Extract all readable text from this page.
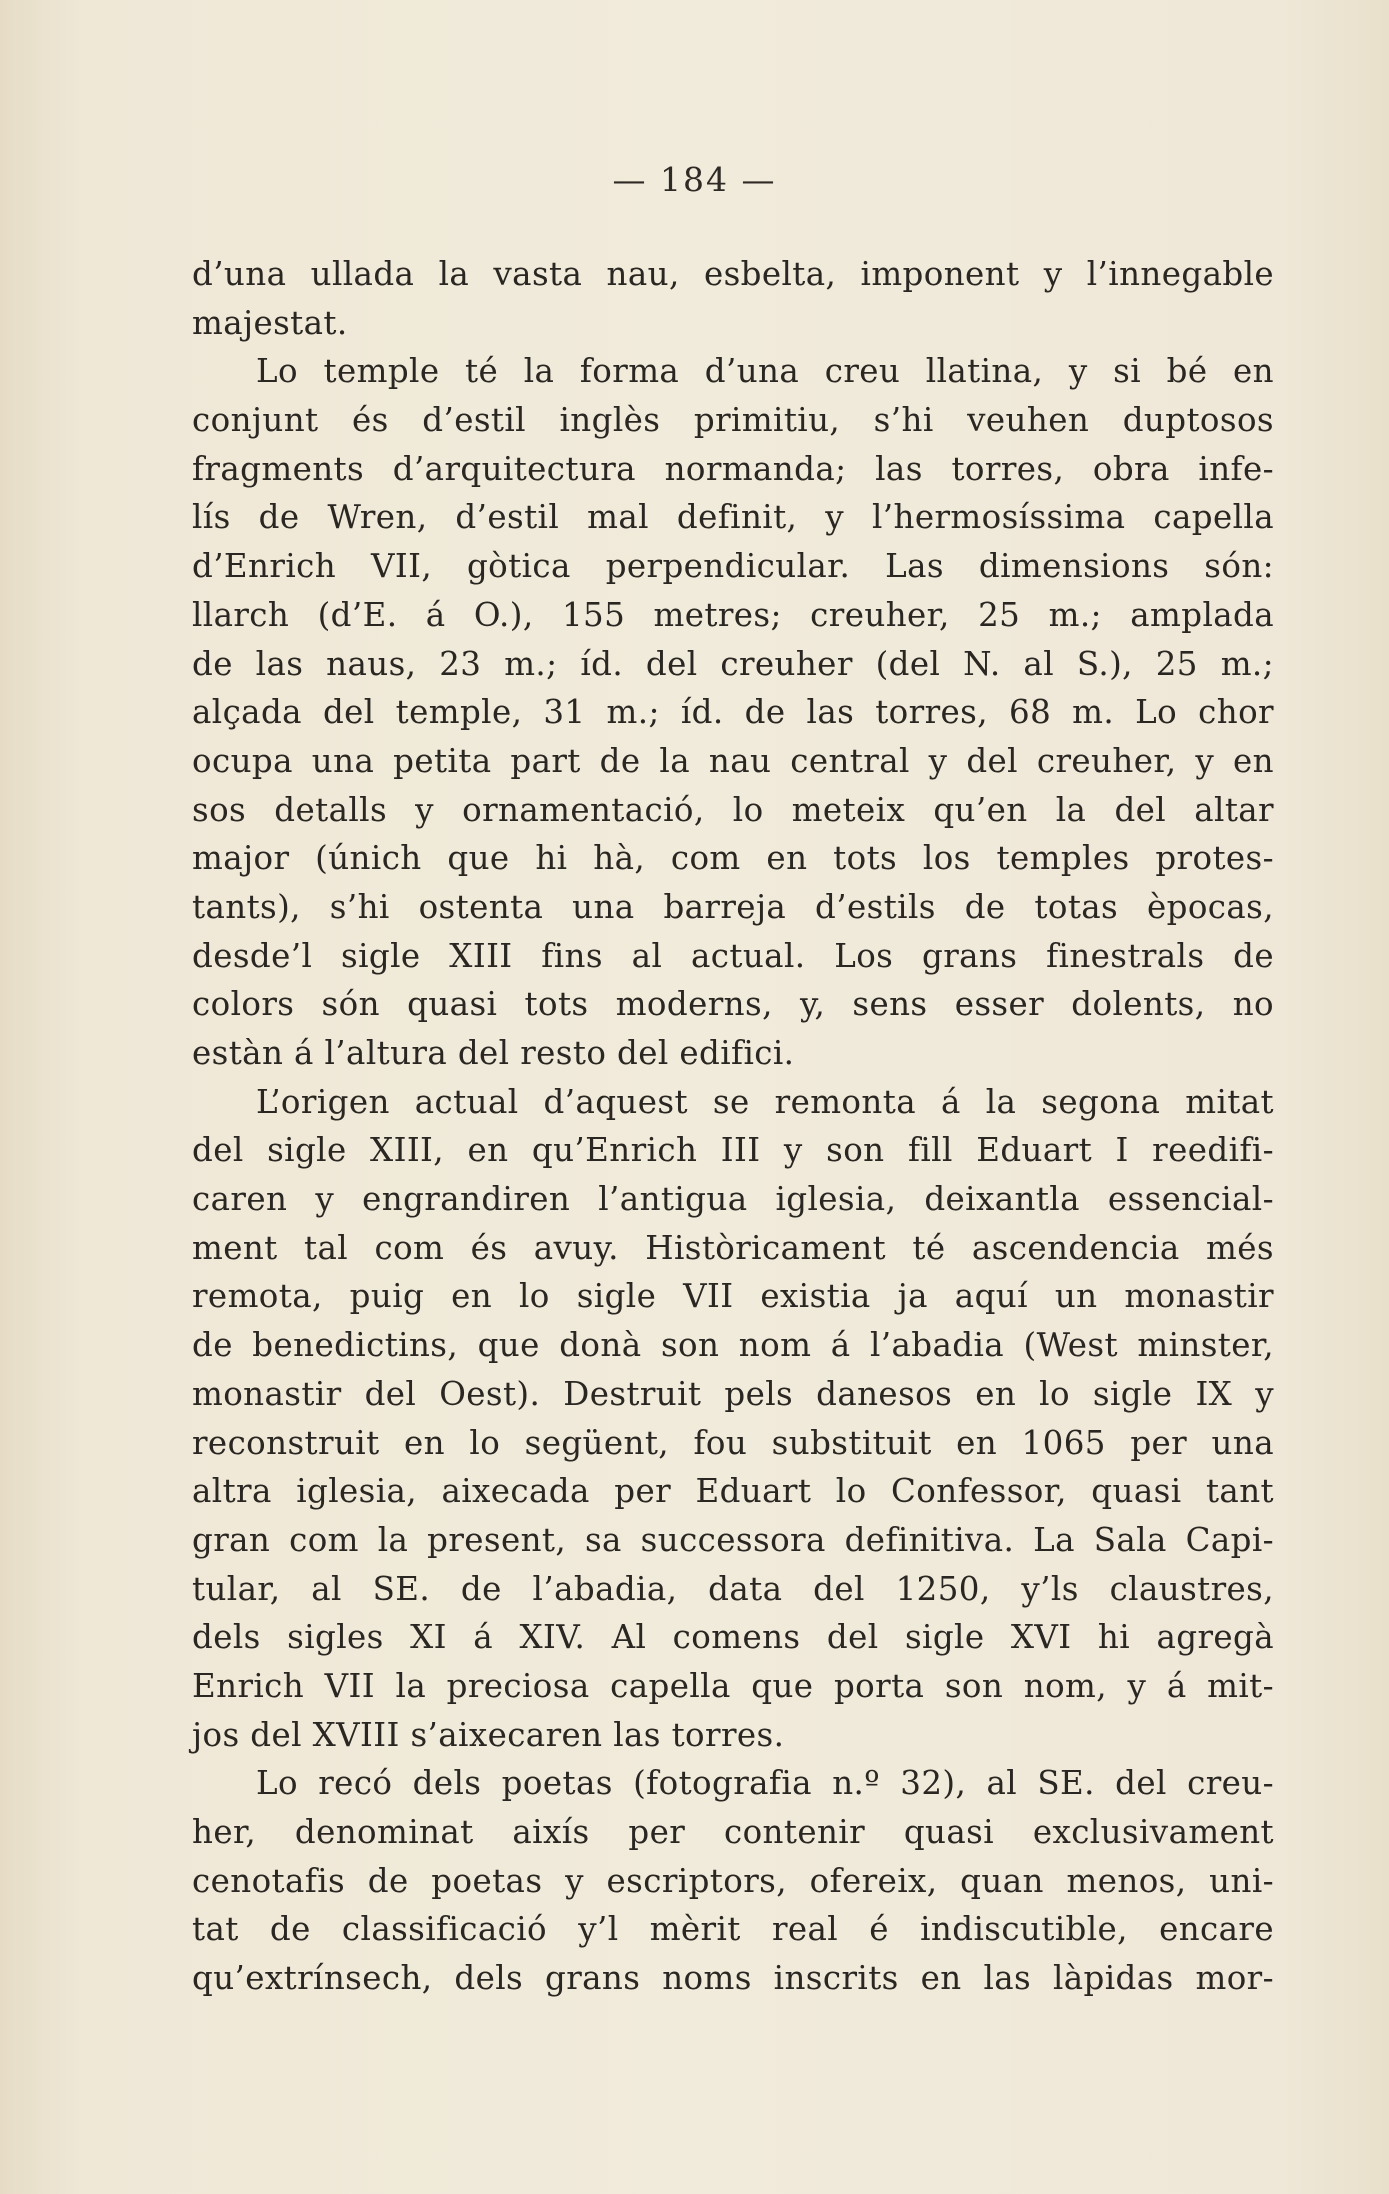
— 184 —
d’una ullada la vasta nau, esbelta, imponent y l’innegable
majestat.
Lo temple té la forma d’una creu llatina, y si bé en
conjunt és d’estil inglès primitiu, s’hi veuhen duptosos
fragments d’arquitectura normanda; las torres, obra infe-
lís de Wren, d’estil mal definit, y l’hermosíssima capella
d’Enrich VII, gòtica perpendicular. Las dimensions són:
llarch (d’E. á O.), 155 metres; creuher, 25 m.; amplada
de las naus, 23 m.; íd. del creuher (del N. al S.), 25 m.;
alçada del temple, 31 m.; íd. de las torres, 68 m. Lo chor
ocupa una petita part de la nau central y del creuher, y en
sos detalls y ornamentació, lo meteix qu’en la del altar
major (únich que hi hà, com en tots los temples protes-
tants), s’hi ostenta una barreja d’estils de totas èpocas,
desde’l sigle XIII fins al actual. Los grans finestrals de
colors són quasi tots moderns, y, sens esser dolents, no
estàn á l’altura del resto del edifici.
L’origen actual d’aquest se remonta á la segona mitat
del sigle XIII, en qu’Enrich III y son fill Eduart I reedifi-
caren y engrandiren l’antigua iglesia, deixantla essencial-
ment tal com és avuy. Històricament té ascendencia més
remota, puig en lo sigle VII existia ja aquí un monastir
de benedictins, que donà son nom á l’abadia (West minster,
monastir del Oest). Destruit pels danesos en lo sigle IX y
reconstruit en lo següent, fou substituit en 1065 per una
altra iglesia, aixecada per Eduart lo Confessor, quasi tant
gran com la present, sa successora definitiva. La Sala Capi-
tular, al SE. de l’abadia, data del 1250, y’ls claustres,
dels sigles XI á XIV. Al comens del sigle XVI hi agregà
Enrich VII la preciosa capella que porta son nom, y á mit-
jos del XVIII s’aixecaren las torres.
Lo recó dels poetas (fotografia n.º 32), al SE. del creu-
her, denominat aixís per contenir quasi exclusivament
cenotafis de poetas y escriptors, ofereix, quan menos, uni-
tat de classificació y’l mèrit real é indiscutible, encare
qu’extrínsech, dels grans noms inscrits en las làpidas mor-
